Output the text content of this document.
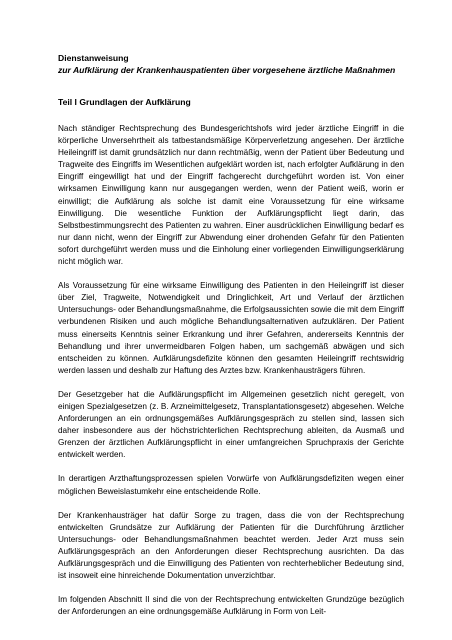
Dienstanweisung

zur Aufklärung der Krankenhauspatienten über vorgesehene ärztliche Maßnahmen

Teil I Grundlagen der Aufklärung

Nach ständiger Rechtsprechung des Bundesgerichtshofs wird jeder ärztliche Eingriff in die körperliche Unversehrtheit als tatbestandsmäßige Körperverletzung angesehen. Der ärztliche Heileingriff ist damit grundsätzlich nur dann rechtmäßig, wenn der Patient über Bedeutung und Tragweite des Eingriffs im Wesentlichen aufgeklärt worden ist, nach erfolgter Aufklärung in den Eingriff eingewilligt hat und der Eingriff fachgerecht durchgeführt worden ist. Von einer wirksamen Einwilligung kann nur ausgegangen werden, wenn der Patient weiß, worin er einwilligt; die Aufklärung als solche ist damit eine Voraussetzung für eine wirksame Einwilligung. Die wesentliche Funktion der Aufklärungspflicht liegt darin, das Selbstbestimmungsrecht des Patienten zu wahren. Einer ausdrücklichen Einwilligung bedarf es nur dann nicht, wenn der Eingriff zur Abwendung einer drohenden Gefahr für den Patienten sofort durchgeführt werden muss und die Einholung einer vorliegenden Einwilligungserklärung nicht möglich war.

Als Voraussetzung für eine wirksame Einwilligung des Patienten in den Heileingriff ist dieser über Ziel, Tragweite, Notwendigkeit und Dringlichkeit, Art und Verlauf der ärztlichen Untersuchungs- oder Behandlungsmaßnahme, die Erfolgsaussichten sowie die mit dem Eingriff verbundenen Risiken und auch mögliche Behandlungsalternativen aufzuklären. Der Patient muss einerseits Kenntnis seiner Erkrankung und ihrer Gefahren, andererseits Kenntnis der Behandlung und ihrer unvermeidbaren Folgen haben, um sachgemäß abwägen und sich entscheiden zu können. Aufklärungsdefizite können den gesamten Heileingriff rechtswidrig werden lassen und deshalb zur Haftung des Arztes bzw. Krankenhausträgers führen.

Der Gesetzgeber hat die Aufklärungspflicht im Allgemeinen gesetzlich nicht geregelt, von einigen Spezialgesetzen (z. B. Arzneimittelgesetz, Transplantationsgesetz) abgesehen. Welche Anforderungen an ein ordnungsgemäßes Aufklärungsgespräch zu stellen sind, lassen sich daher insbesondere aus der höchstrichterlichen Rechtsprechung ableiten, da Ausmaß und Grenzen der ärztlichen Aufklärungspflicht in einer umfangreichen Spruchpraxis der Gerichte entwickelt werden.

In derartigen Arzthaftungsprozessen spielen Vorwürfe von Aufklärungsdefiziten wegen einer möglichen Beweislastumkehr eine entscheidende Rolle.

Der Krankenhausträger hat dafür Sorge zu tragen, dass die von der Rechtsprechung entwickelten Grundsätze zur Aufklärung der Patienten für die Durchführung ärztlicher Untersuchungs- oder Behandlungsmaßnahmen beachtet werden. Jeder Arzt muss sein Aufklärungsgespräch an den Anforderungen dieser Rechtsprechung ausrichten. Da das Aufklärungsgespräch und die Einwilligung des Patienten von rechterheblicher Bedeutung sind, ist insoweit eine hinreichende Dokumentation unverzichtbar.

Im folgenden Abschnitt II sind die von der Rechtsprechung entwickelten Grundzüge bezüglich der Anforderungen an eine ordnungsgemäße Aufklärung in Form von Leit-
